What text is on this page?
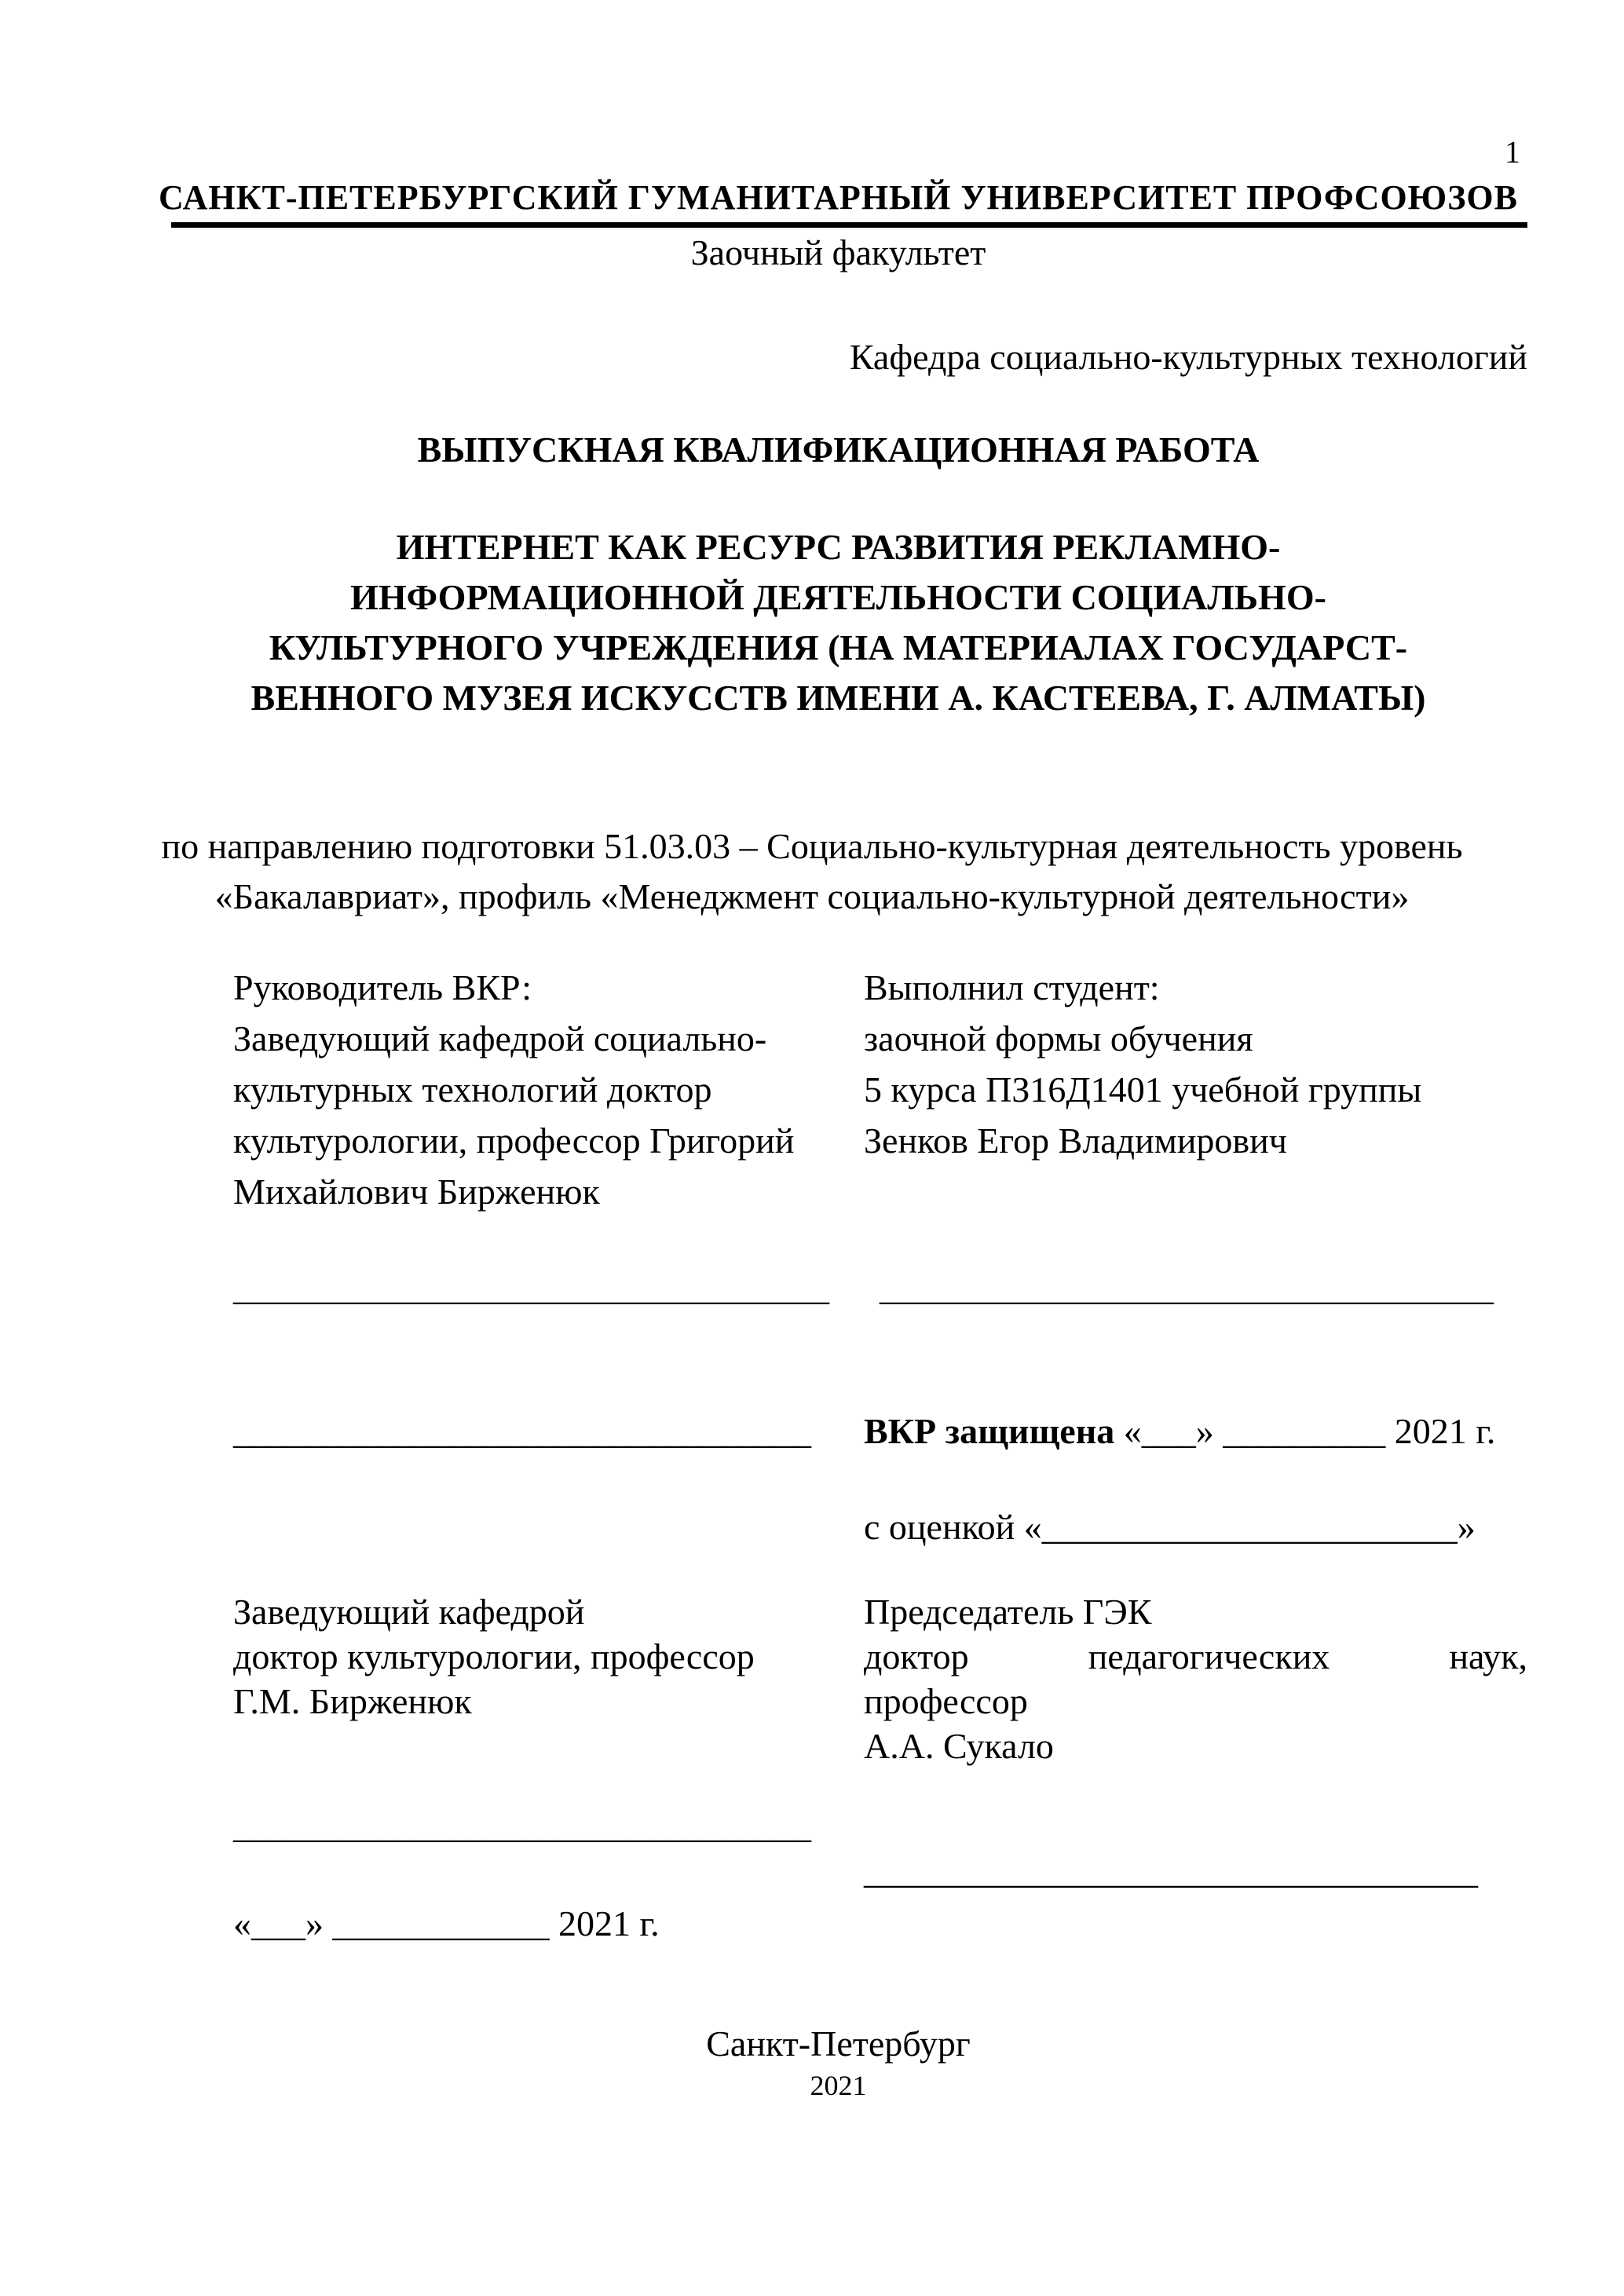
1
САНКТ-ПЕТЕРБУРГСКИЙ ГУМАНИТАРНЫЙ УНИВЕРСИТЕТ ПРОФСОЮЗОВ
Заочный факультет
Кафедра социально-культурных технологий
ВЫПУСКНАЯ КВАЛИФИКАЦИОННАЯ РАБОТА
ИНТЕРНЕТ КАК РЕСУРС РАЗВИТИЯ РЕКЛАМНО-
ИНФОРМАЦИОННОЙ ДЕЯТЕЛЬНОСТИ СОЦИАЛЬНО-
КУЛЬТУРНОГО УЧРЕЖДЕНИЯ (НА МАТЕРИАЛАХ ГОСУДАРСТ-
ВЕННОГО МУЗЕЯ ИСКУССТВ ИМЕНИ А. КАСТЕЕВА, Г. АЛМАТЫ)
по направлению подготовки 51.03.03 – Социально-культурная деятельность уровень
«Бакалавриат», профиль «Менеджмент социально-культурной деятельности»
Руководитель ВКР:
Заведующий кафедрой социально-
культурных технологий доктор
культурологии, профессор Григорий
Михайлович Бирженюк
Выполнил студент:
заочной формы обучения
5 курса ПЗ16Д1401 учебной группы
Зенков Егор Владимирович
_________________________________ __________________________________
________________________________ ВКР защищена «___» _________ 2021 г.
с оценкой «_______________________»
Заведующий кафедрой
доктор культурологии, профессор
Г.М. Бирженюк
Председатель ГЭК
доктор педагогических наук,
профессор
А.А. Сукало
________________________________
__________________________________
«___» ____________ 2021 г.
Санкт-Петербург
2021
